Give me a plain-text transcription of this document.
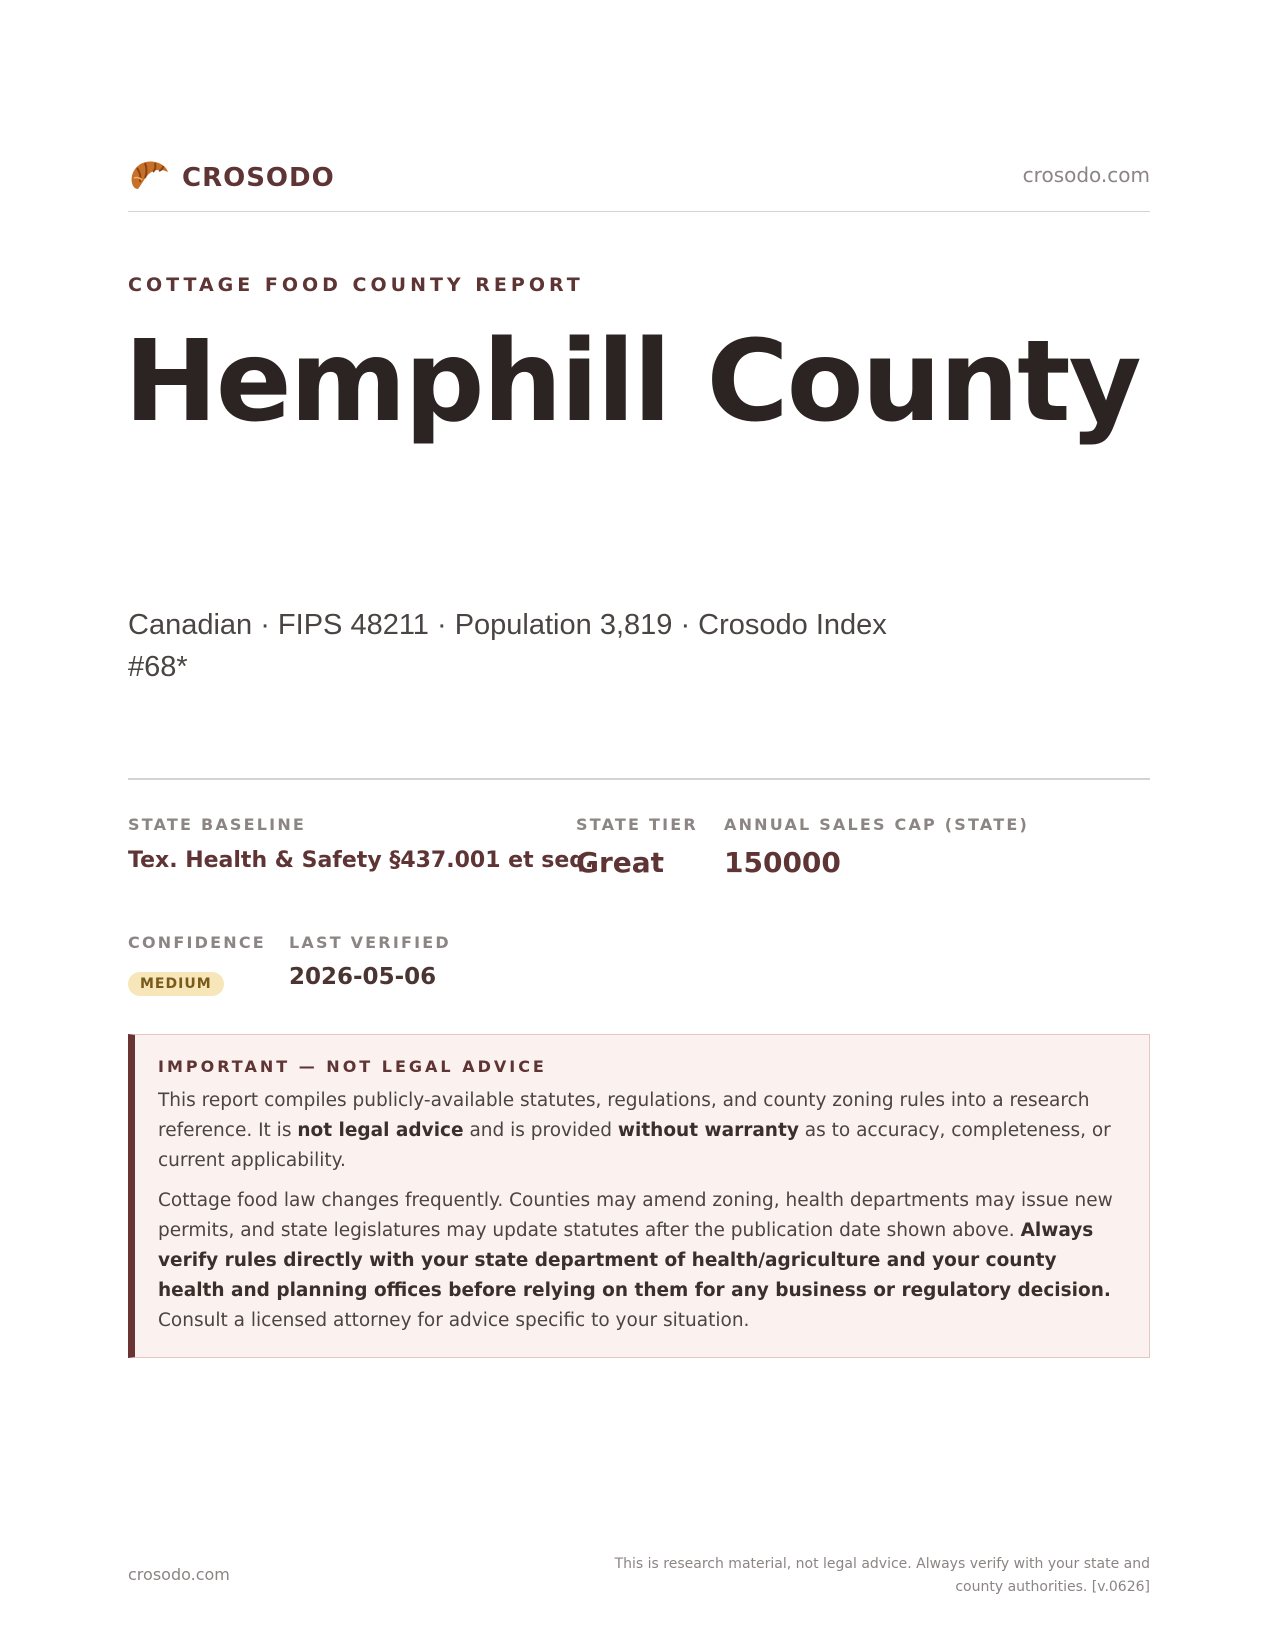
CROSODO	crosodo.com
COTTAGE FOOD COUNTY REPORT
Hemphill County
Canadian · FIPS 48211 · Population 3,819 · Crosodo Index #68*
STATE BASELINE
Tex. Health & Safety §437.001 et seq.
STATE TIER
Great
ANNUAL SALES CAP (STATE)
150000
CONFIDENCE
MEDIUM
LAST VERIFIED
2026-05-06
IMPORTANT — NOT LEGAL ADVICE

This report compiles publicly-available statutes, regulations, and county zoning rules into a research reference. It is not legal advice and is provided without warranty as to accuracy, completeness, or current applicability.

Cottage food law changes frequently. Counties may amend zoning, health departments may issue new permits, and state legislatures may update statutes after the publication date shown above. Always verify rules directly with your state department of health/agriculture and your county health and planning offices before relying on them for any business or regulatory decision. Consult a licensed attorney for advice specific to your situation.

crosodo.com
This is research material, not legal advice. Always verify with your state and county authorities. [v.0626]
